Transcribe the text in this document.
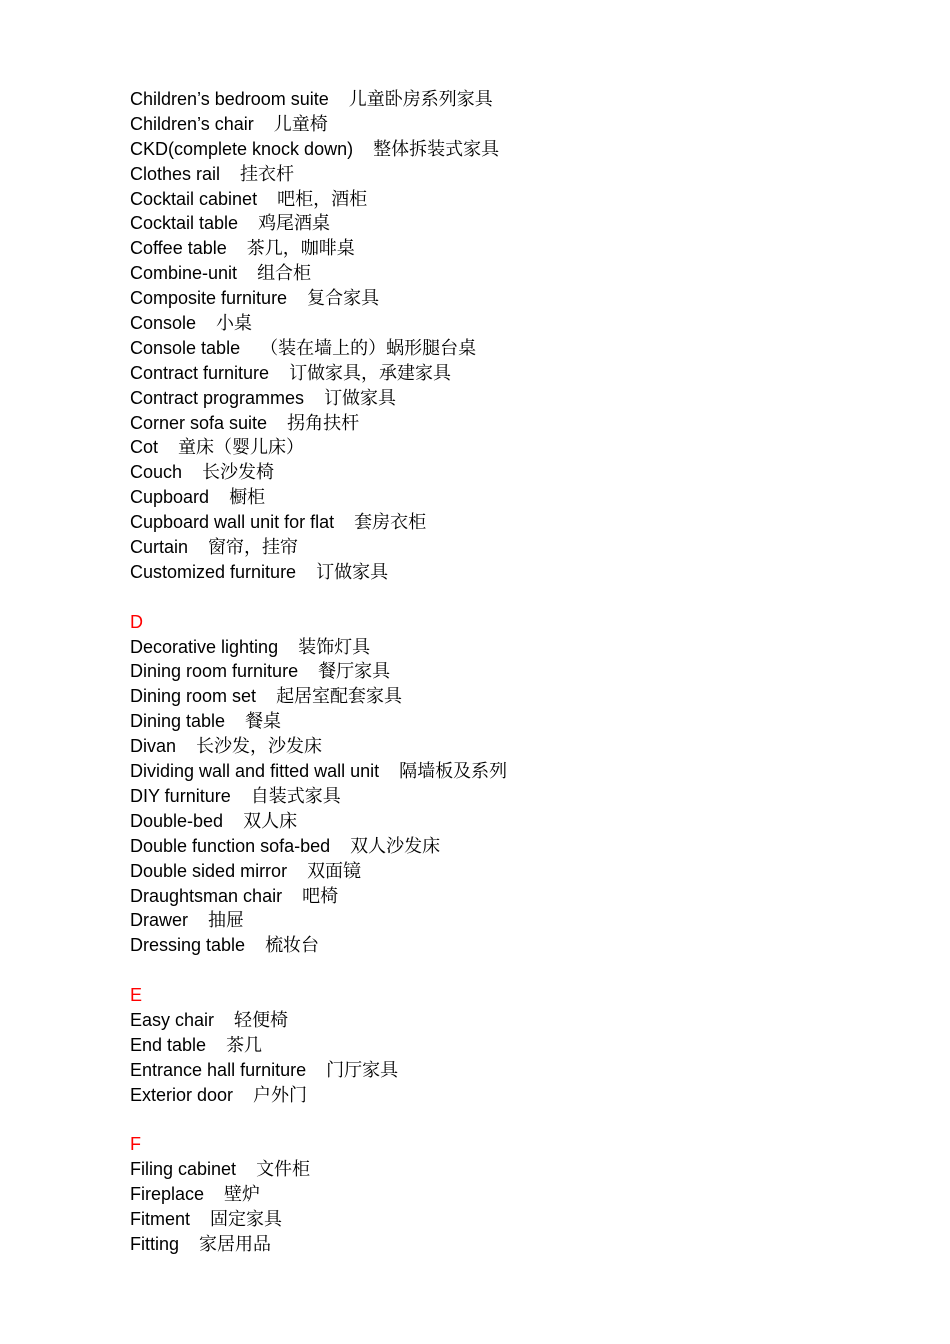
Children’s bedroom suite 儿童卧房系列家具
Children’s chair 儿童椅
CKD(complete knock down) 整体拆装式家具
Clothes rail 挂衣杆
Cocktail cabinet 吧柜，酒柜
Cocktail table 鸡尾酒桌
Coffee table 茶几，咖啡桌
Combine-unit 组合柜
Composite furniture 复合家具
Console 小桌
Console table （装在墙上的）蜗形腿台桌
Contract furniture 订做家具，承建家具
Contract programmes 订做家具
Corner sofa suite 拐角扶杆
Cot 童床（婴儿床）
Couch 长沙发椅
Cupboard 橱柜
Cupboard wall unit for flat 套房衣柜
Curtain 窗帘，挂帘
Customized furniture 订做家具
D
Decorative lighting 装饰灯具
Dining room furniture 餐厅家具
Dining room set 起居室配套家具
Dining table 餐桌
Divan 长沙发，沙发床
Dividing wall and fitted wall unit 隔墙板及系列
DIY furniture 自装式家具
Double-bed 双人床
Double function sofa-bed 双人沙发床
Double sided mirror 双面镜
Draughtsman chair 吧椅
Drawer 抽屉
Dressing table 梳妆台
E
Easy chair 轻便椅
End table 茶几
Entrance hall furniture 门厅家具
Exterior door 户外门
F
Filing cabinet 文件柜
Fireplace 壁炉
Fitment 固定家具
Fitting 家居用品
